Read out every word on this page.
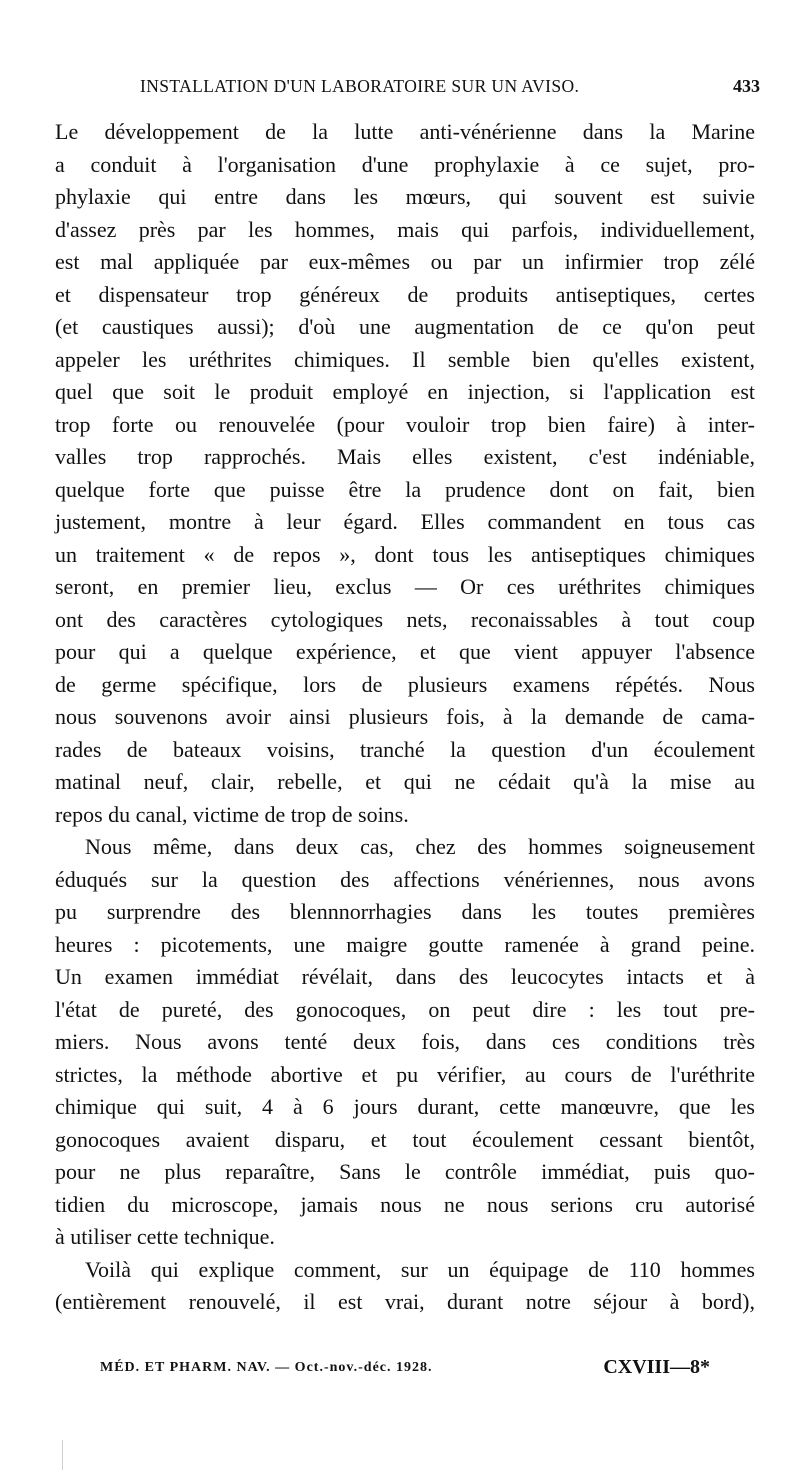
INSTALLATION D'UN LABORATOIRE SUR UN AVISO.	433
Le développement de la lutte anti-vénérienne dans la Marine
a conduit à l'organisation d'une prophylaxie à ce sujet, pro-
phylaxie qui entre dans les mœurs, qui souvent est suivie
d'assez près par les hommes, mais qui parfois, individuellement,
est mal appliquée par eux-mêmes ou par un infirmier trop zélé
et dispensateur trop généreux de produits antiseptiques, certes
(et caustiques aussi); d'où une augmentation de ce qu'on peut
appeler les uréthrites chimiques. Il semble bien qu'elles existent,
quel que soit le produit employé en injection, si l'application est
trop forte ou renouvelée (pour vouloir trop bien faire) à inter-
valles trop rapprochés. Mais elles existent, c'est indéniable,
quelque forte que puisse être la prudence dont on fait, bien
justement, montre à leur égard. Elles commandent en tous cas
un traitement « de repos », dont tous les antiseptiques chimiques
seront, en premier lieu, exclus — Or ces uréthrites chimiques
ont des caractères cytologiques nets, reconaissables à tout coup
pour qui a quelque expérience, et que vient appuyer l'absence
de germe spécifique, lors de plusieurs examens répétés. Nous
nous souvenons avoir ainsi plusieurs fois, à la demande de cama-
rades de bateaux voisins, tranché la question d'un écoulement
matinal neuf, clair, rebelle, et qui ne cédait qu'à la mise au
repos du canal, victime de trop de soins.
Nous même, dans deux cas, chez des hommes soigneusement
éduqués sur la question des affections vénériennes, nous avons
pu surprendre des blennnorrhagies dans les toutes premières
heures : picotements, une maigre goutte ramenée à grand peine.
Un examen immédiat révélait, dans des leucocytes intacts et à
l'état de pureté, des gonocoques, on peut dire : les tout pre-
miers. Nous avons tenté deux fois, dans ces conditions très
strictes, la méthode abortive et pu vérifier, au cours de l'uréthrite
chimique qui suit, 4 à 6 jours durant, cette manœuvre, que les
gonocoques avaient disparu, et tout écoulement cessant bientôt,
pour ne plus reparaître, Sans le contrôle immédiat, puis quo-
tidien du microscope, jamais nous ne nous serions cru autorisé
à utiliser cette technique.
Voilà qui explique comment, sur un équipage de 110 hommes
(entièrement renouvelé, il est vrai, durant notre séjour à bord),
MÉD. ET PHARM. NAV. — Oct.-nov.-déc. 1928.	CXVIII—8*
